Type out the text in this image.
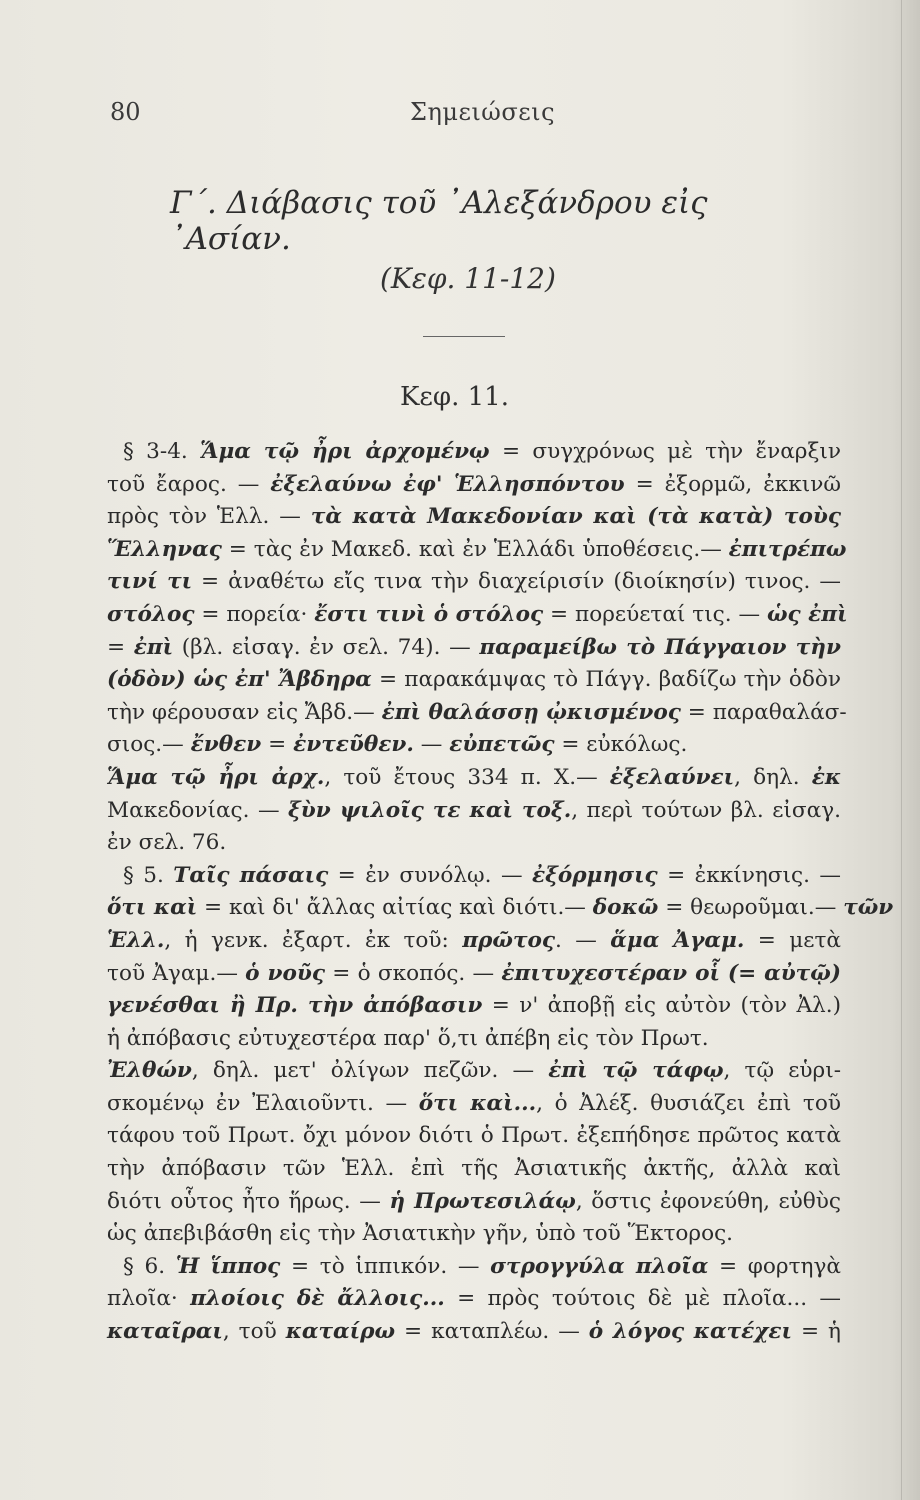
80	Σημειώσεις
Γ΄. Διάβασις τοῦ ᾿Αλεξάνδρου εἰς ᾿Ασίαν.
(Κεφ. 11-12)
Κεφ. 11.
§ 3-4. Ἅμα τῷ ἦρι ἀρχομένῳ = συγχρόνως μὲ τὴν ἔναρξιν
τοῦ ἔαρος. — ἐξελαύνω ἐφ' Ἑλλησπόντου = ἐξορμῶ, ἐκκινῶ
πρὸς τὸν Ἑλλ. — τὰ κατὰ Μακεδονίαν καὶ (τὰ κατὰ) τοὺς
Ἕλληνας = τὰς ἐν Μακεδ. καὶ ἐν Ἑλλάδι ὑποθέσεις.— ἐπιτρέπω
τινί τι = ἀναθέτω εἴς τινα τὴν διαχείρισίν (διοίκησίν) τινος. —
στόλος = πορεία· ἔστι τινὶ ὁ στόλος = πορεύεταί τις. — ὡς ἐπὶ
= ἐπὶ (βλ. εἰσαγ. ἐν σελ. 74). — παραμείβω τὸ Πάγγαιον τὴν
(ὁδὸν) ὡς ἐπ' Ἄβδηρα = παρακάμψας τὸ Πάγγ. βαδίζω τὴν ὁδὸν
τὴν φέρουσαν εἰς Ἄβδ.— ἐπὶ θαλάσσῃ ᾠκισμένος = παραθαλάσ-
σιος.— ἔνθεν = ἐντεῦθεν. — εὐπετῶς = εὐκόλως.
Ἅμα τῷ ἦρι ἀρχ., τοῦ ἔτους 334 π. Χ.— ἐξελαύνει, δηλ. ἐκ
Μακεδονίας. — ξὺν ψιλοῖς τε καὶ τοξ., περὶ τούτων βλ. εἰσαγ.
ἐν σελ. 76.
§ 5. Ταῖς πάσαις = ἐν συνόλῳ. — ἐξόρμησις = ἐκκίνησις. —
ὅτι καὶ = καὶ δι' ἄλλας αἰτίας καὶ διότι.— δοκῶ = θεωροῦμαι.— τῶν
Ἑλλ., ἡ γενκ. ἐξαρτ. ἐκ τοῦ: πρῶτος. — ἅμα Ἀγαμ. = μετὰ
τοῦ Ἀγαμ.— ὁ νοῦς = ὁ σκοπός. — ἐπιτυχεστέραν οἷ (= αὐτῷ)
γενέσθαι ἢ Πρ. τὴν ἀπόβασιν = ν' ἀποβῇ εἰς αὐτὸν (τὸν Ἀλ.)
ἡ ἀπόβασις εὐτυχεστέρα παρ' ὅ,τι ἀπέβη εἰς τὸν Πρωτ.
Ἐλθών, δηλ. μετ' ὀλίγων πεζῶν. — ἐπὶ τῷ τάφῳ, τῷ εὑρι-
σκομένῳ ἐν Ἐλαιοῦντι. — ὅτι καὶ..., ὁ Ἀλέξ. θυσιάζει ἐπὶ τοῦ
τάφου τοῦ Πρωτ. ὄχι μόνον διότι ὁ Πρωτ. ἐξεπήδησε πρῶτος κατὰ
τὴν ἀπόβασιν τῶν Ἑλλ. ἐπὶ τῆς Ἀσιατικῆς ἀκτῆς, ἀλλὰ καὶ
διότι οὗτος ἦτο ἥρως. — ἡ Πρωτεσιλάῳ, ὅστις ἐφονεύθη, εὐθὺς
ὡς ἀπεβιβάσθη εἰς τὴν Ἀσιατικὴν γῆν, ὑπὸ τοῦ Ἕκτορος.
§ 6. Ἡ ἵππος = τὸ ἱππικόν. — στρογγύλα πλοῖα = φορτηγὰ
πλοῖα· πλοίοις δὲ ἄλλοις... = πρὸς τούτοις δὲ μὲ πλοῖα... —
καταῖραι, τοῦ καταίρω = καταπλέω. — ὁ λόγος κατέχει = ἡ
